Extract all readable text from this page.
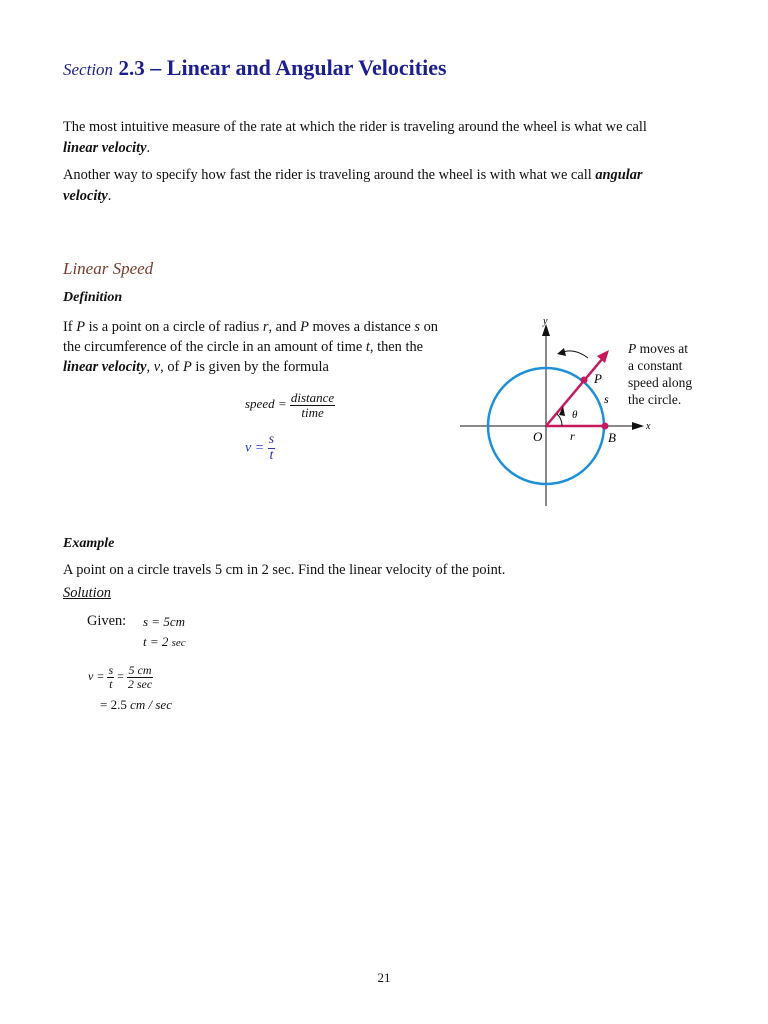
Section 2.3 – Linear and Angular Velocities
The most intuitive measure of the rate at which the rider is traveling around the wheel is what we call
linear velocity.
Another way to specify how fast the rider is traveling around the wheel is with what we call angular
velocity.
Linear Speed
Definition
If P is a point on a circle of radius r, and P moves a distance s on
the circumference of the circle in an amount of time t, then the
linear velocity, v, of P is given by the formula
speed = $\frac{\text{distance}}{\text{time}}$
$v = \frac{s}{t}$
y
x
O r	B
P
s
θ
P moves at
a constant
speed along
the circle.
Example
A point on a circle travels 5 cm in 2 sec. Find the linear velocity of the point.
Solution
Given: s = 5cm
t = 2 sec
$v = \frac{s}{t} = \frac{5 cm}{2 \sec}$
= 2.5 cm / sec
21
